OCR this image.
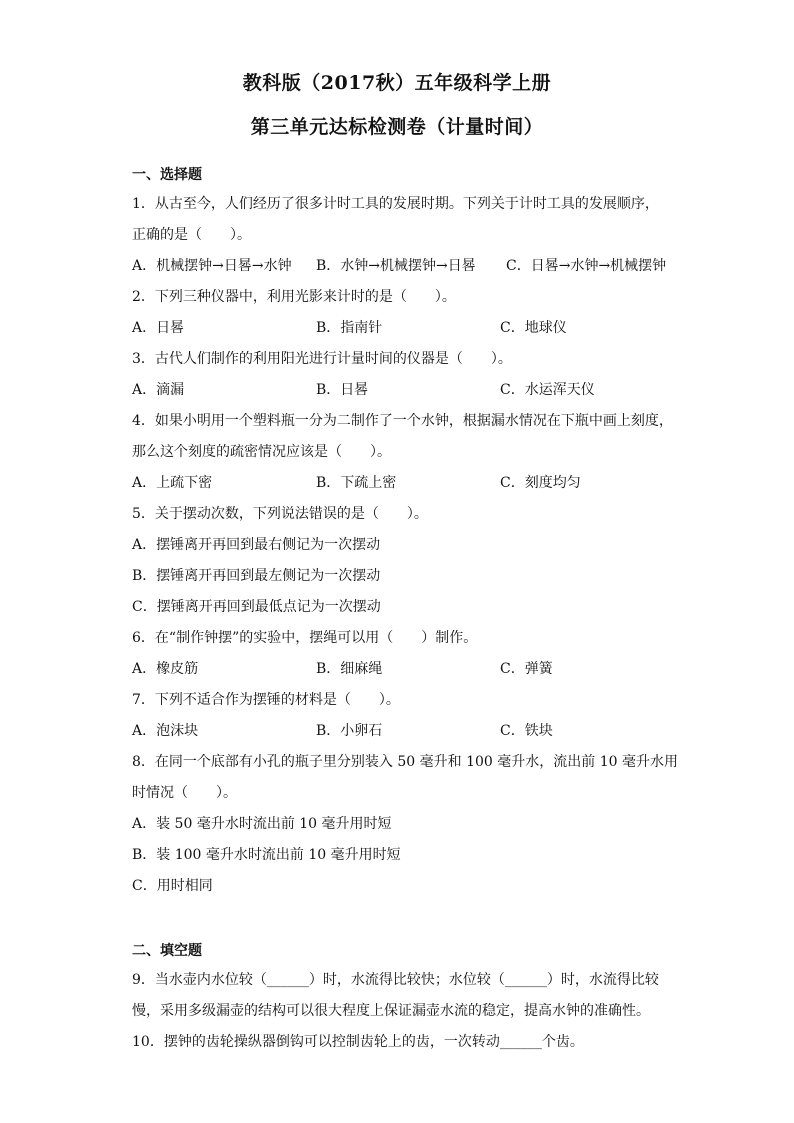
教科版（2017秋）五年级科学上册
第三单元达标检测卷（计量时间）
一、选择题
1．从古至今，人们经历了很多计时工具的发展时期。下列关于计时工具的发展顺序，
正确的是（　　）。
A．机械摆钟→日晷→水钟	B．水钟→机械摆钟→日晷	C．日晷→水钟→机械摆钟
2．下列三种仪器中，利用光影来计时的是（　　）。
A．日晷	B．指南针	C．地球仪
3．古代人们制作的利用阳光进行计量时间的仪器是（　　）。
A．滴漏	B．日晷	C．水运浑天仪
4．如果小明用一个塑料瓶一分为二制作了一个水钟，根据漏水情况在下瓶中画上刻度，
那么这个刻度的疏密情况应该是（　　）。
A．上疏下密	B．下疏上密	C．刻度均匀
5．关于摆动次数，下列说法错误的是（　　）。
A．摆锤离开再回到最右侧记为一次摆动
B．摆锤离开再回到最左侧记为一次摆动
C．摆锤离开再回到最低点记为一次摆动
6．在“制作钟摆”的实验中，摆绳可以用（　　）制作。
A．橡皮筋	B．细麻绳	C．弹簧
7．下列不适合作为摆锤的材料是（　　）。
A．泡沫块	B．小卵石	C．铁块
8．在同一个底部有小孔的瓶子里分别装入 50 毫升和 100 毫升水，流出前 10 毫升水用
时情况（　　）。
A．装 50 毫升水时流出前 10 毫升用时短
B．装 100 毫升水时流出前 10 毫升用时短
C．用时相同
二、填空题
9．当水壶内水位较（______）时，水流得比较快；水位较（______）时，水流得比较
慢，采用多级漏壶的结构可以很大程度上保证漏壶水流的稳定，提高水钟的准确性。
10．摆钟的齿轮操纵器倒钩可以控制齿轮上的齿，一次转动______个齿。
